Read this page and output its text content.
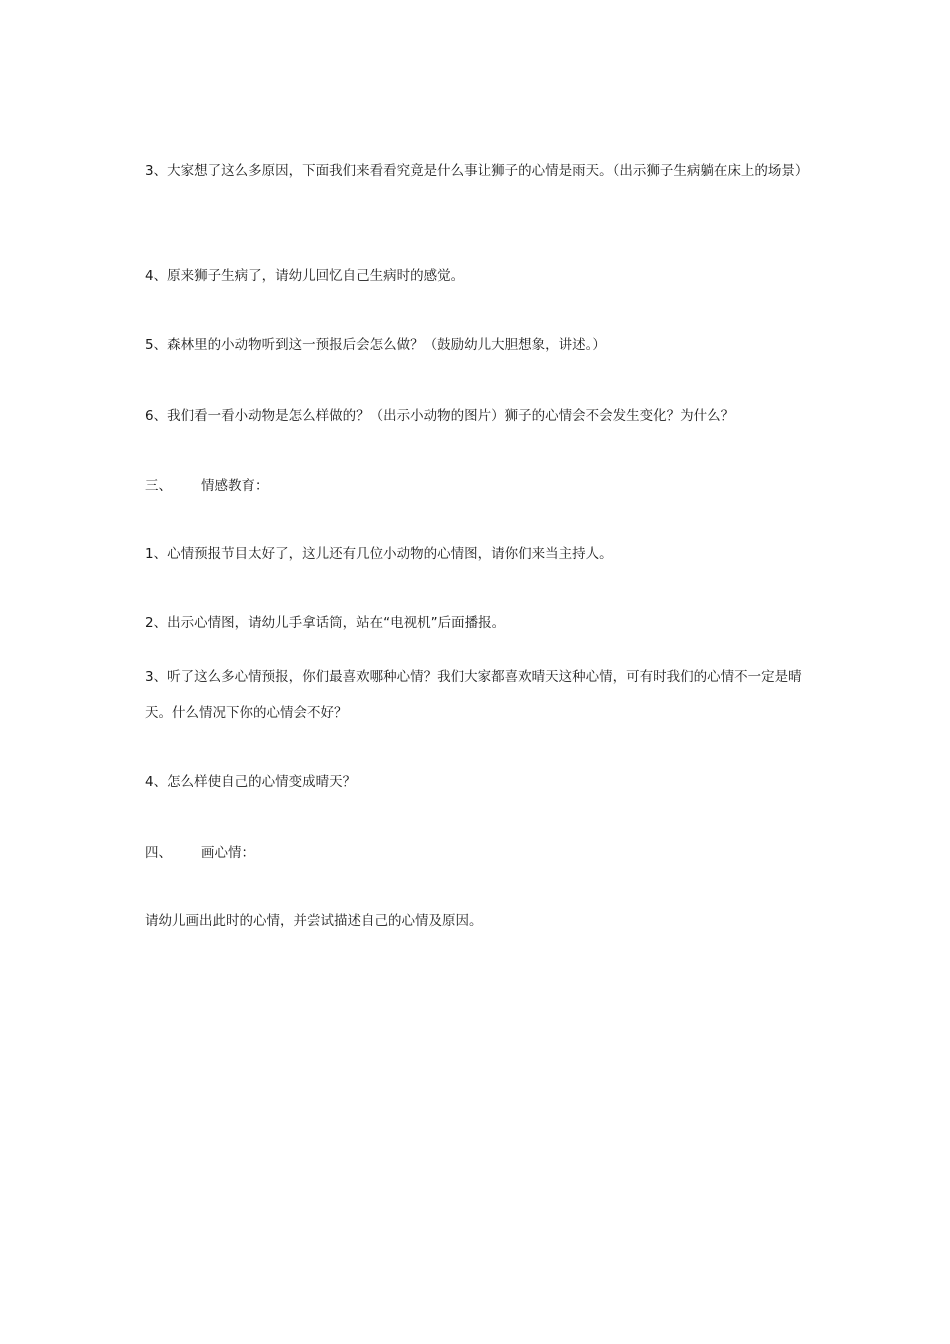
3、大家想了这么多原因，下面我们来看看究竟是什么事让狮子的心情是雨天。（出示狮子生病躺在床上的场景）

4、原来狮子生病了，请幼儿回忆自己生病时的感觉。

5、森林里的小动物听到这一预报后会怎么做？（鼓励幼儿大胆想象，讲述。）

6、我们看一看小动物是怎么样做的？（出示小动物的图片）狮子的心情会不会发生变化？为什么？

三、 情感教育：

1、心情预报节目太好了，这儿还有几位小动物的心情图，请你们来当主持人。

2、出示心情图，请幼儿手拿话筒，站在“电视机”后面播报。

3、听了这么多心情预报，你们最喜欢哪种心情？我们大家都喜欢晴天这种心情，可有时我们的心情不一定是晴天。什么情况下你的心情会不好？

4、怎么样使自己的心情变成晴天？

四、 画心情：

请幼儿画出此时的心情，并尝试描述自己的心情及原因。
